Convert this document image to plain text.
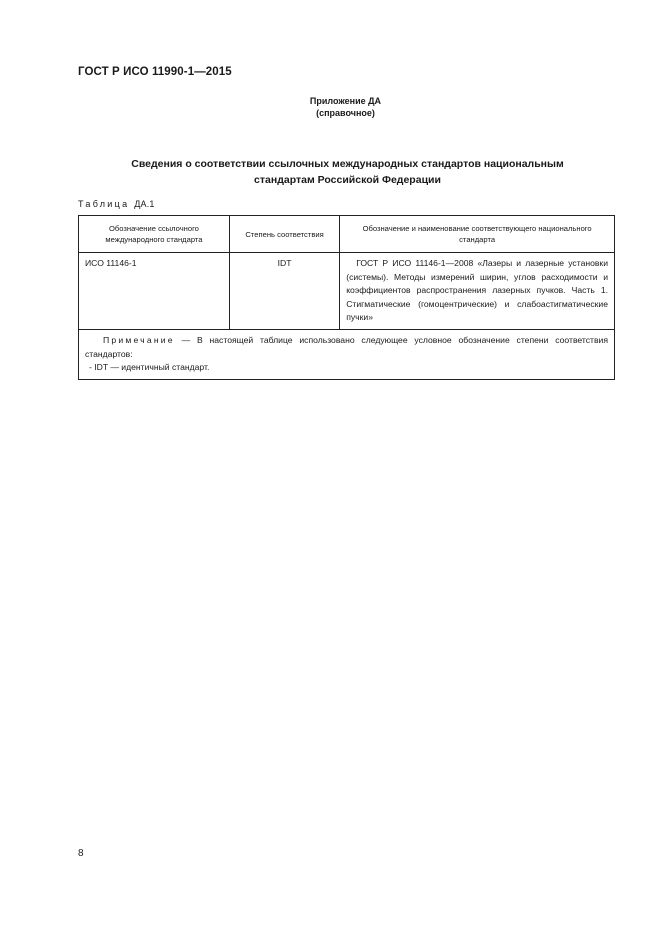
ГОСТ Р ИСО 11990-1—2015
Приложение ДА
(справочное)
Сведения о соответствии ссылочных международных стандартов национальным
стандартам Российской Федерации
Таблица ДА.1
Обозначение ссылочного международного стандарта	Степень соответствия	Обозначение и наименование соответствующего национального стандарта
ИСО 11146-1	IDT	ГОСТ Р ИСО 11146-1—2008 «Лазеры и лазерные установки (системы). Методы измерений ширин, углов расходимости и коэффициентов распространения лазерных пучков. Часть 1. Стигматические (гомоцентрические) и слабоастигматические пучки»

Примечание — В настоящей таблице использовано следующее условное обозначение степени соответствия стандартов:
- IDT — идентичный стандарт.		
8
